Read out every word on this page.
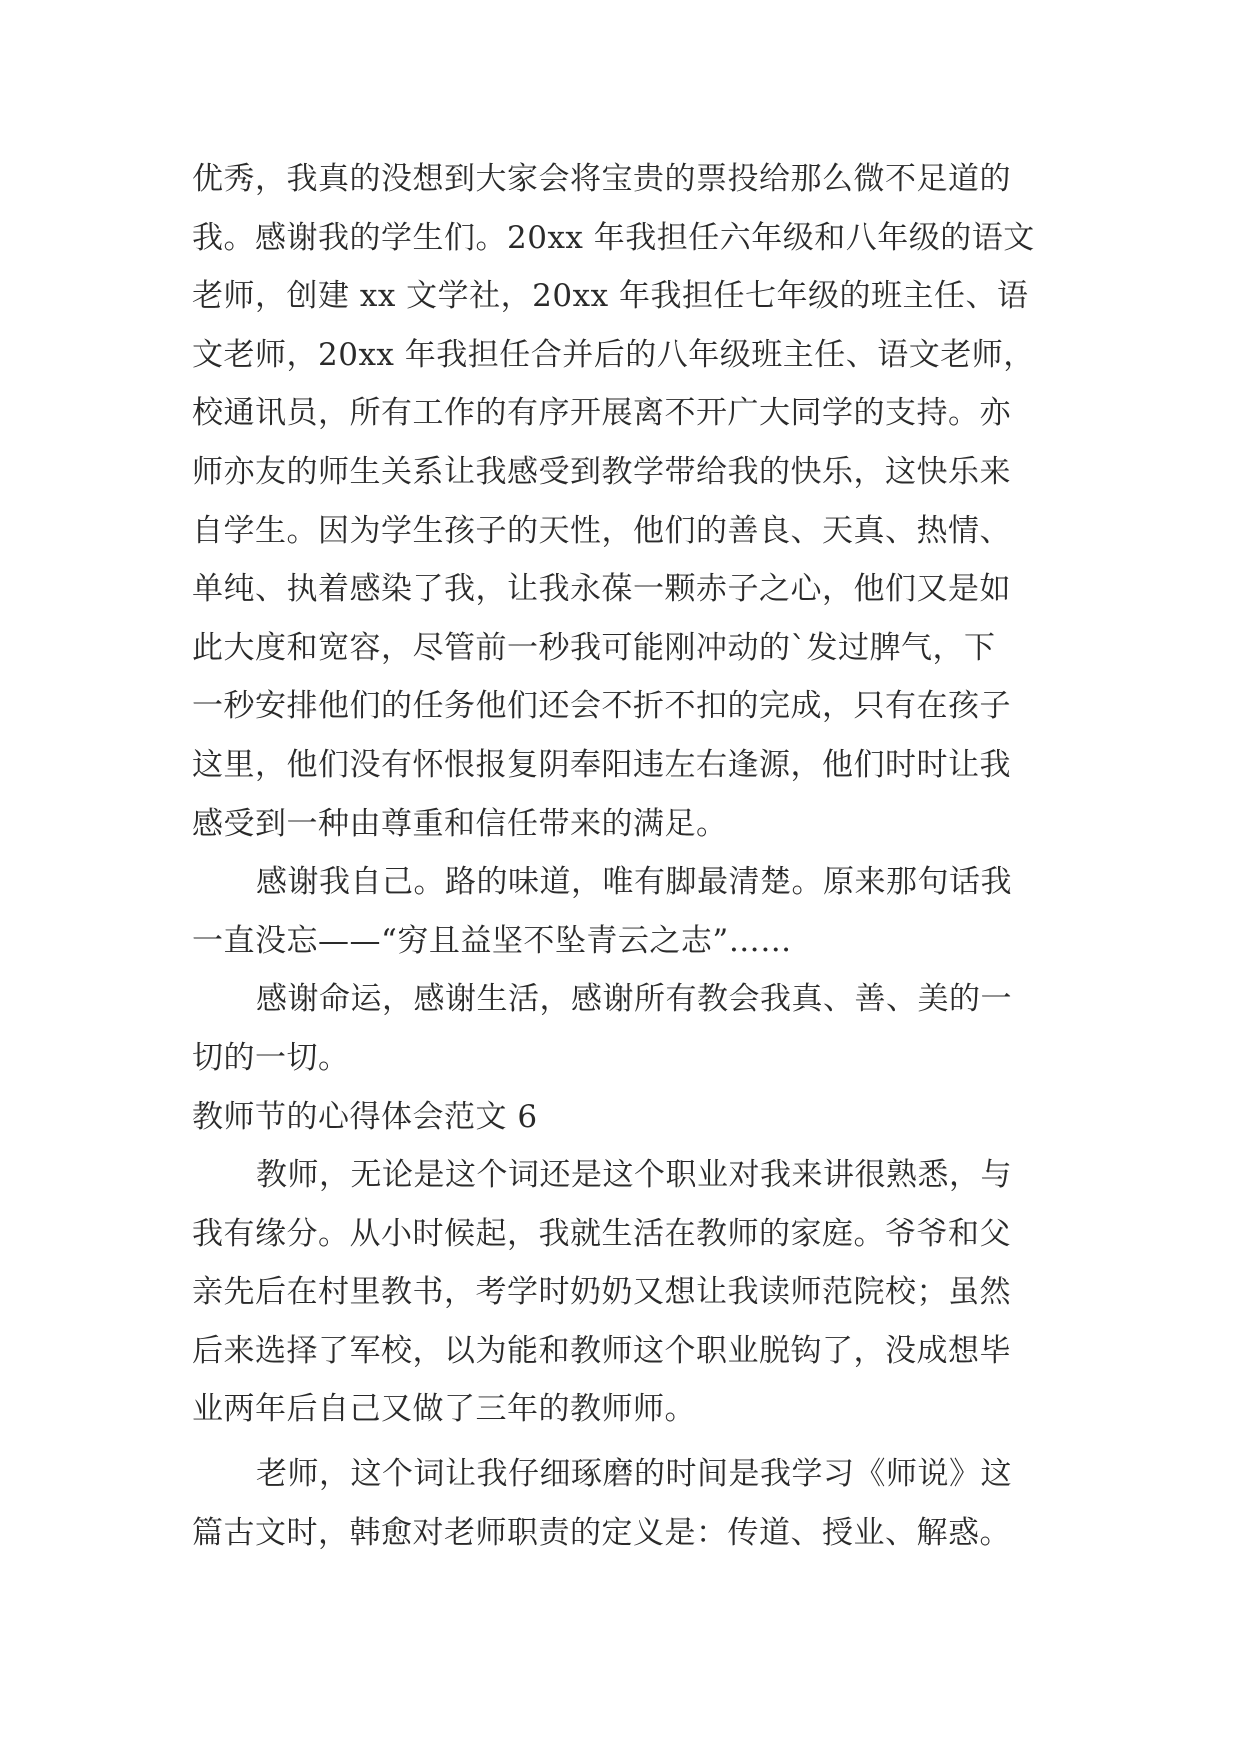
优秀，我真的没想到大家会将宝贵的票投给那么微不足道的
我。感谢我的学生们。20xx 年我担任六年级和八年级的语文
老师，创建 xx 文学社，20xx 年我担任七年级的班主任、语
文老师，20xx 年我担任合并后的八年级班主任、语文老师，
校通讯员，所有工作的有序开展离不开广大同学的支持。亦
师亦友的师生关系让我感受到教学带给我的快乐，这快乐来
自学生。因为学生孩子的天性，他们的善良、天真、热情、
单纯、执着感染了我，让我永葆一颗赤子之心，他们又是如
此大度和宽容，尽管前一秒我可能刚冲动的`发过脾气，下
一秒安排他们的任务他们还会不折不扣的完成，只有在孩子
这里，他们没有怀恨报复阴奉阳违左右逢源，他们时时让我
感受到一种由尊重和信任带来的满足。
感谢我自己。路的味道，唯有脚最清楚。原来那句话我
一直没忘——“穷且益坚不坠青云之志”……
感谢命运，感谢生活，感谢所有教会我真、善、美的一
切的一切。
教师节的心得体会范文 6
教师，无论是这个词还是这个职业对我来讲很熟悉，与
我有缘分。从小时候起，我就生活在教师的家庭。爷爷和父
亲先后在村里教书，考学时奶奶又想让我读师范院校；虽然
后来选择了军校，以为能和教师这个职业脱钩了，没成想毕
业两年后自己又做了三年的教师师。
老师，这个词让我仔细琢磨的时间是我学习《师说》这
篇古文时，韩愈对老师职责的定义是：传道、授业、解惑。
